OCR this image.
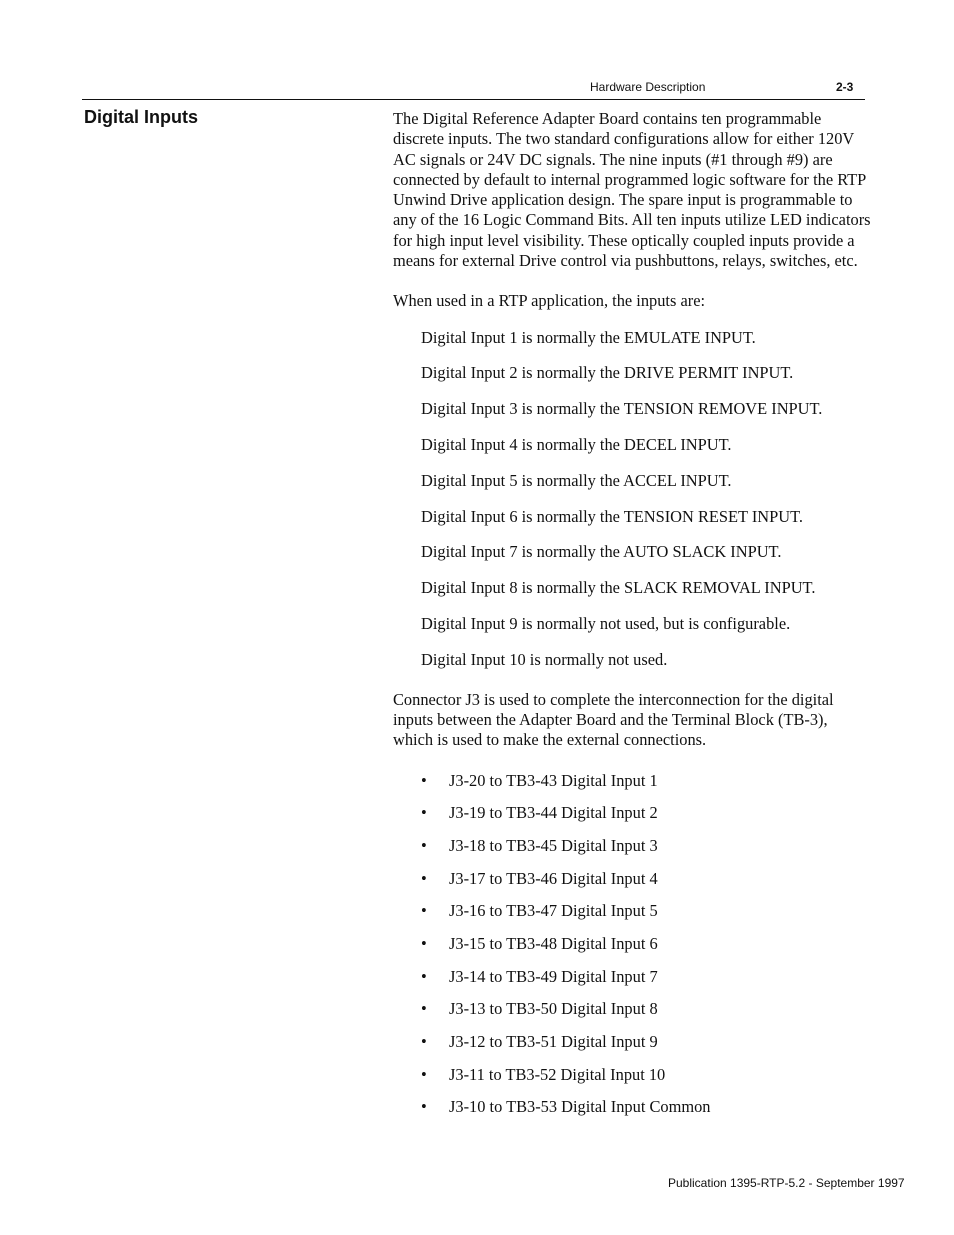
Hardware Description	2-3
Digital Inputs	The Digital Reference Adapter Board contains ten programmable discrete inputs. The two standard configurations allow for either 120V AC signals or 24V DC signals. The nine inputs (#1 through #9) are connected by default to internal programmed logic software for the RTP Unwind Drive application design. The spare input is programmable to any of the 16 Logic Command Bits. All ten inputs utilize LED indicators for high input level visibility. These optically coupled inputs provide a means for external Drive control via pushbuttons, relays, switches, etc.

When used in a RTP application, the inputs are:

Digital Input 1 is normally the EMULATE INPUT.
Digital Input 2 is normally the DRIVE PERMIT INPUT.
Digital Input 3 is normally the TENSION REMOVE INPUT.
Digital Input 4 is normally the DECEL INPUT.
Digital Input 5 is normally the ACCEL INPUT.
Digital Input 6 is normally the TENSION RESET INPUT.
Digital Input 7 is normally the AUTO SLACK INPUT.
Digital Input 8 is normally the SLACK REMOVAL INPUT.
Digital Input 9 is normally not used, but is configurable.
Digital Input 10 is normally not used.

Connector J3 is used to complete the interconnection for the digital inputs between the Adapter Board and the Terminal Block (TB-3), which is used to make the external connections.

• J3-20 to TB3-43 Digital Input 1
• J3-19 to TB3-44 Digital Input 2
• J3-18 to TB3-45 Digital Input 3
• J3-17 to TB3-46 Digital Input 4
• J3-16 to TB3-47 Digital Input 5
• J3-15 to TB3-48 Digital Input 6
• J3-14 to TB3-49 Digital Input 7
• J3-13 to TB3-50 Digital Input 8
• J3-12 to TB3-51 Digital Input 9
• J3-11 to TB3-52 Digital Input 10
• J3-10 to TB3-53 Digital Input Common
Publication 1395-RTP-5.2 - September 1997
